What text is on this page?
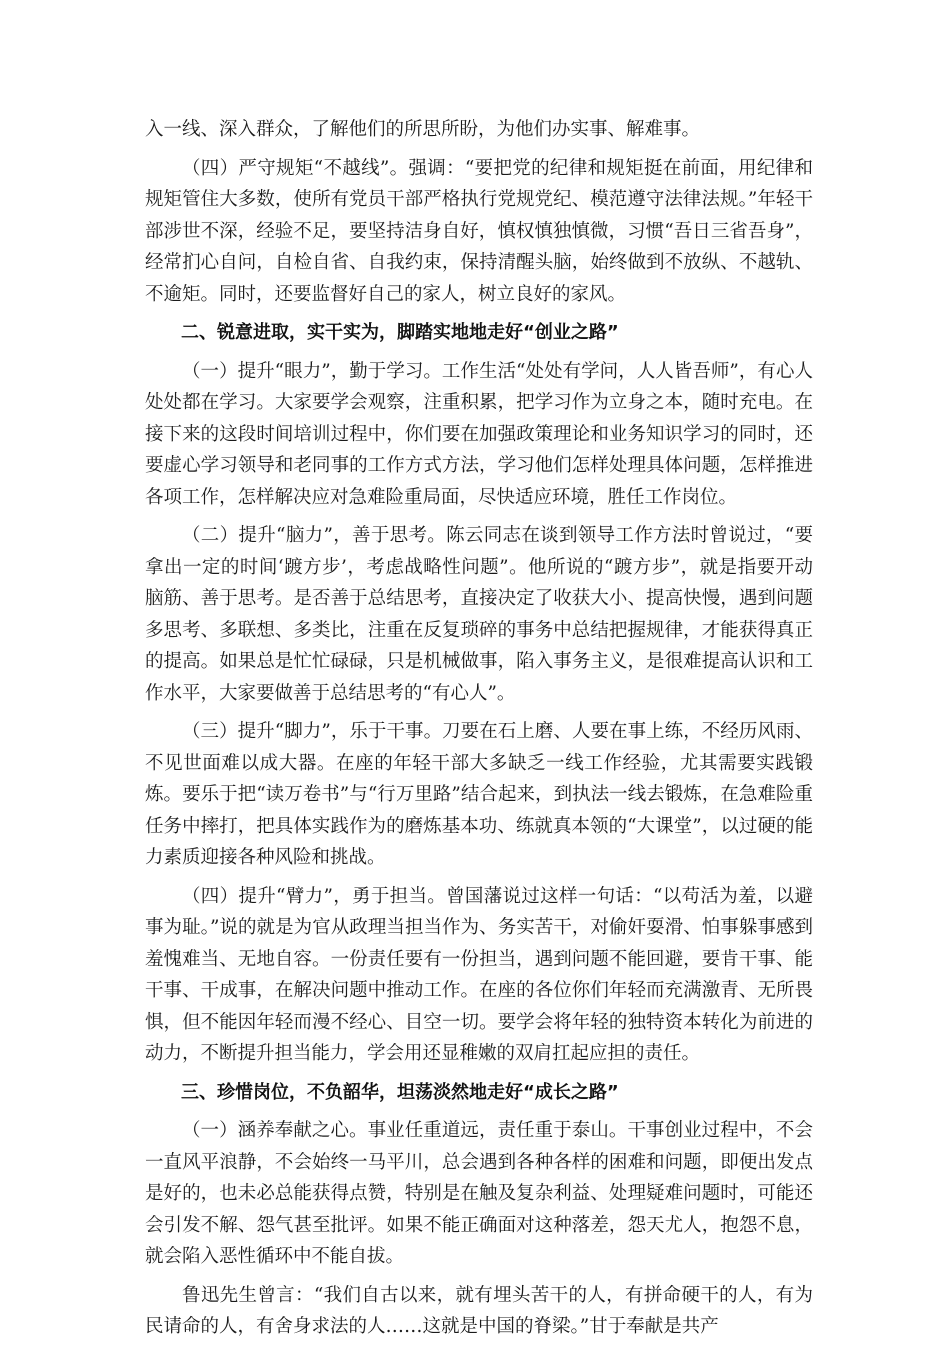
入一线、深入群众，了解他们的所思所盼，为他们办实事、解难事。

（四）严守规矩“不越线”。强调：“要把党的纪律和规矩挺在前面，用纪律和规矩管住大多数，使所有党员干部严格执行党规党纪、模范遵守法律法规。”年轻干部涉世不深，经验不足，要坚持洁身自好，慎权慎独慎微，习惯“吾日三省吾身”，经常扪心自问，自检自省、自我约束，保持清醒头脑，始终做到不放纵、不越轨、不逾矩。同时，还要监督好自己的家人，树立良好的家风。

二、锐意进取，实干实为，脚踏实地地走好“创业之路”

（一）提升“眼力”，勤于学习。工作生活“处处有学问，人人皆吾师”，有心人处处都在学习。大家要学会观察，注重积累，把学习作为立身之本，随时充电。在接下来的这段时间培训过程中，你们要在加强政策理论和业务知识学习的同时，还要虚心学习领导和老同事的工作方式方法，学习他们怎样处理具体问题，怎样推进各项工作，怎样解决应对急难险重局面，尽快适应环境，胜任工作岗位。

（二）提升“脑力”，善于思考。陈云同志在谈到领导工作方法时曾说过，“要拿出一定的时间‘踱方步’，考虑战略性问题”。他所说的“踱方步”，就是指要开动脑筋、善于思考。是否善于总结思考，直接决定了收获大小、提高快慢，遇到问题多思考、多联想、多类比，注重在反复琐碎的事务中总结把握规律，才能获得真正的提高。如果总是忙忙碌碌，只是机械做事，陷入事务主义，是很难提高认识和工作水平，大家要做善于总结思考的“有心人”。

（三）提升“脚力”，乐于干事。刀要在石上磨、人要在事上练，不经历风雨、不见世面难以成大器。在座的年轻干部大多缺乏一线工作经验，尤其需要实践锻炼。要乐于把“读万卷书”与“行万里路”结合起来，到执法一线去锻炼，在急难险重任务中摔打，把具体实践作为的磨炼基本功、练就真本领的“大课堂”，以过硬的能力素质迎接各种风险和挑战。

（四）提升“臂力”，勇于担当。曾国藩说过这样一句话：“以苟活为羞，以避事为耻。”说的就是为官从政理当担当作为、务实苦干，对偷奸耍滑、怕事躲事感到羞愧难当、无地自容。一份责任要有一份担当，遇到问题不能回避，要肯干事、能干事、干成事，在解决问题中推动工作。在座的各位你们年轻而充满激青、无所畏惧，但不能因年轻而漫不经心、目空一切。要学会将年轻的独特资本转化为前进的动力，不断提升担当能力，学会用还显稚嫩的双肩扛起应担的责任。

三、珍惜岗位，不负韶华，坦荡淡然地走好“成长之路”

（一）涵养奉献之心。事业任重道远，责任重于泰山。干事创业过程中，不会一直风平浪静，不会始终一马平川，总会遇到各种各样的困难和问题，即便出发点是好的，也未必总能获得点赞，特别是在触及复杂利益、处理疑难问题时，可能还会引发不解、怨气甚至批评。如果不能正确面对这种落差，怨天尤人，抱怨不息，就会陷入恶性循环中不能自拔。

鲁迅先生曾言：“我们自古以来，就有埋头苦干的人，有拼命硬干的人，有为民请命的人，有舍身求法的人……这就是中国的脊梁。”甘于奉献是共产
